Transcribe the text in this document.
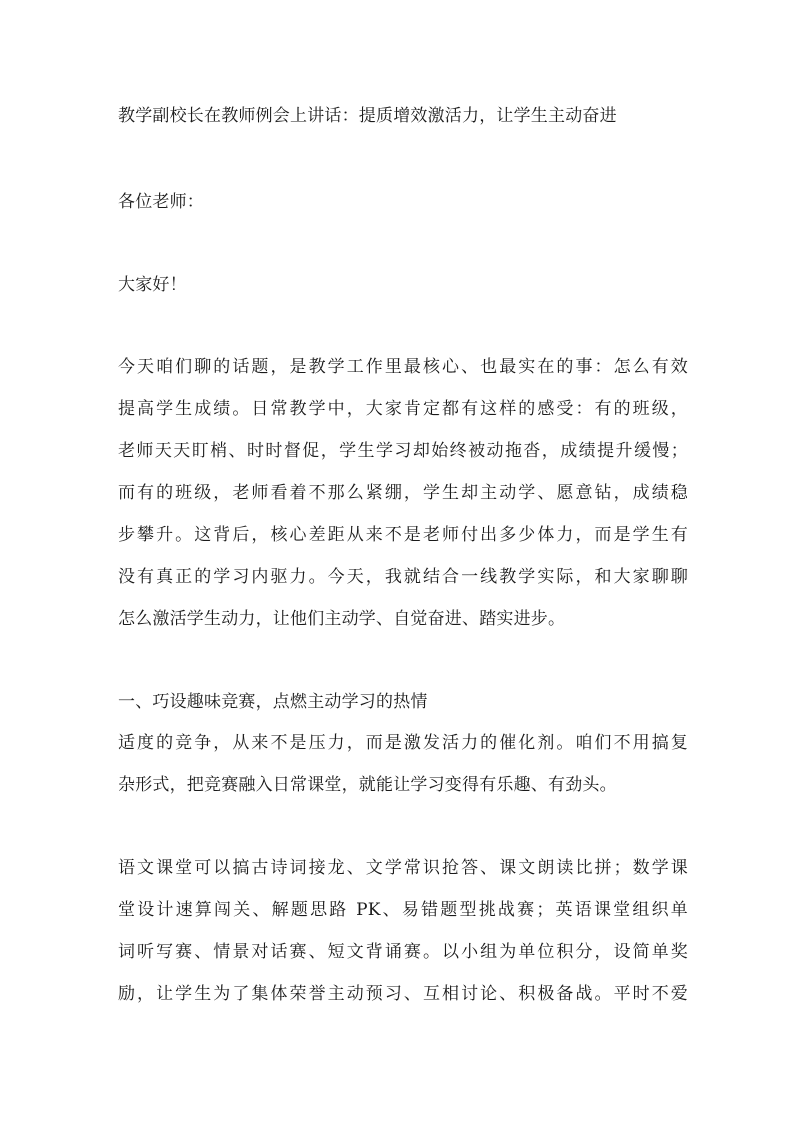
教学副校长在教师例会上讲话：提质增效激活力，让学生主动奋进
各位老师：
大家好！
今天咱们聊的话题，是教学工作里最核心、也最实在的事：怎么有效
提高学生成绩。日常教学中，大家肯定都有这样的感受：有的班级，
老师天天盯梢、时时督促，学生学习却始终被动拖沓，成绩提升缓慢；
而有的班级，老师看着不那么紧绷，学生却主动学、愿意钻，成绩稳
步攀升。这背后，核心差距从来不是老师付出多少体力，而是学生有
没有真正的学习内驱力。今天，我就结合一线教学实际，和大家聊聊
怎么激活学生动力，让他们主动学、自觉奋进、踏实进步。
一、巧设趣味竞赛，点燃主动学习的热情
适度的竞争，从来不是压力，而是激发活力的催化剂。咱们不用搞复
杂形式，把竞赛融入日常课堂，就能让学习变得有乐趣、有劲头。
语文课堂可以搞古诗词接龙、文学常识抢答、课文朗读比拼；数学课
堂设计速算闯关、解题思路 PK、易错题型挑战赛；英语课堂组织单
词听写赛、情景对话赛、短文背诵赛。以小组为单位积分，设简单奖
励，让学生为了集体荣誉主动预习、互相讨论、积极备战。平时不爱
